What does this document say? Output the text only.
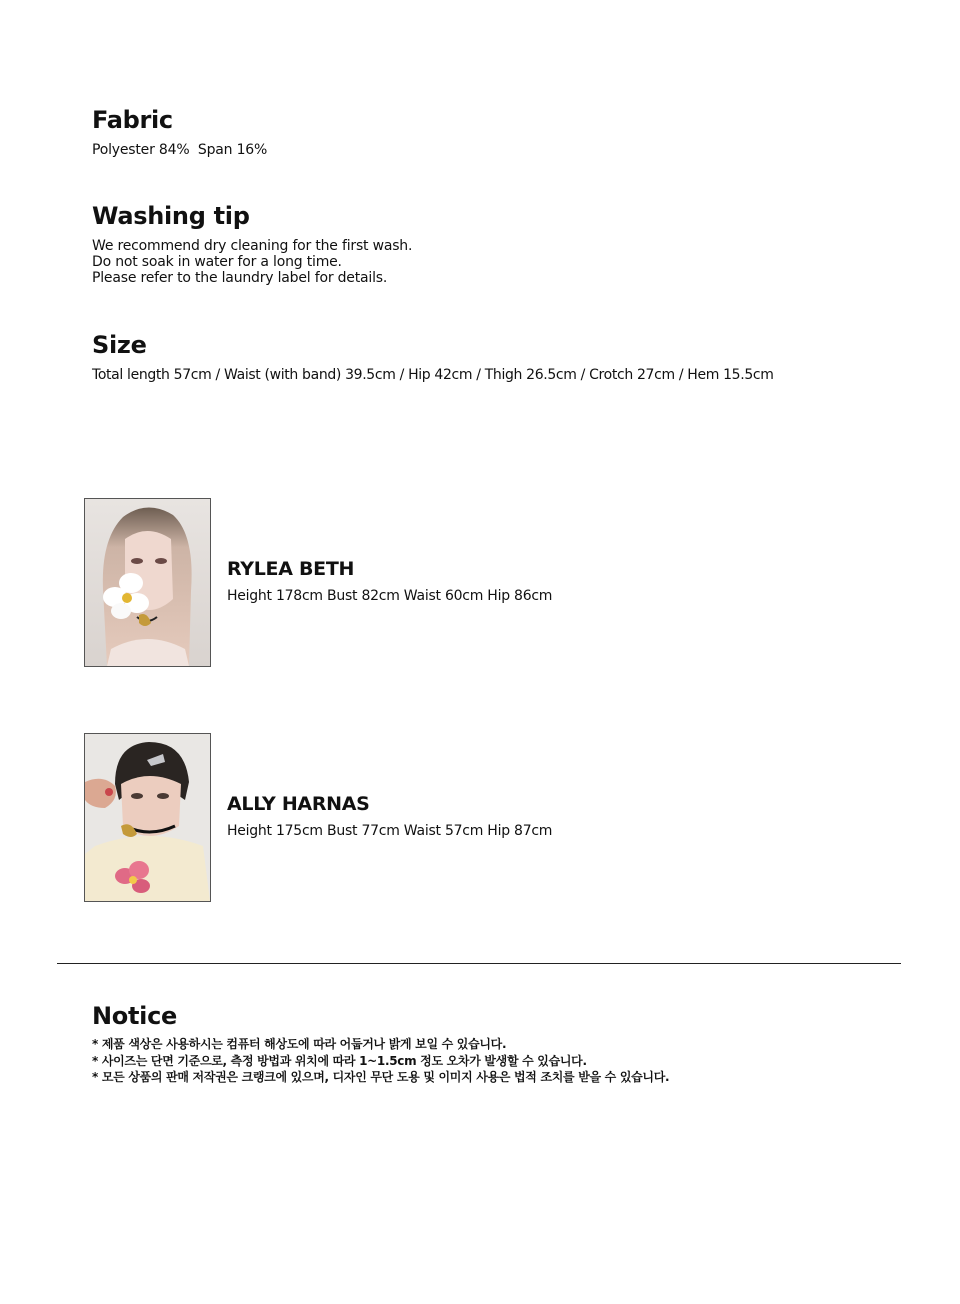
Fabric

Polyester 84%  Span 16%

Washing tip

We recommend dry cleaning for the first wash.
Do not soak in water for a long time.
Please refer to the laundry label for details.

Size

Total length 57cm / Waist (with band) 39.5cm / Hip 42cm / Thigh 26.5cm / Crotch 27cm / Hem 15.5cm

RYLEA BETH

Height 178cm Bust 82cm Waist 60cm Hip 86cm

ALLY HARNAS

Height 175cm Bust 77cm Waist 57cm Hip 87cm

Notice

* 제품 색상은 사용하시는 컴퓨터 해상도에 따라 어둡거나 밝게 보일 수 있습니다.
* 사이즈는 단면 기준으로, 측정 방법과 위치에 따라 1~1.5cm 정도 오차가 발생할 수 있습니다.
* 모든 상품의 판매 저작권은 크랭크에 있으며, 디자인 무단 도용 및 이미지 사용은 법적 조치를 받을 수 있습니다.
